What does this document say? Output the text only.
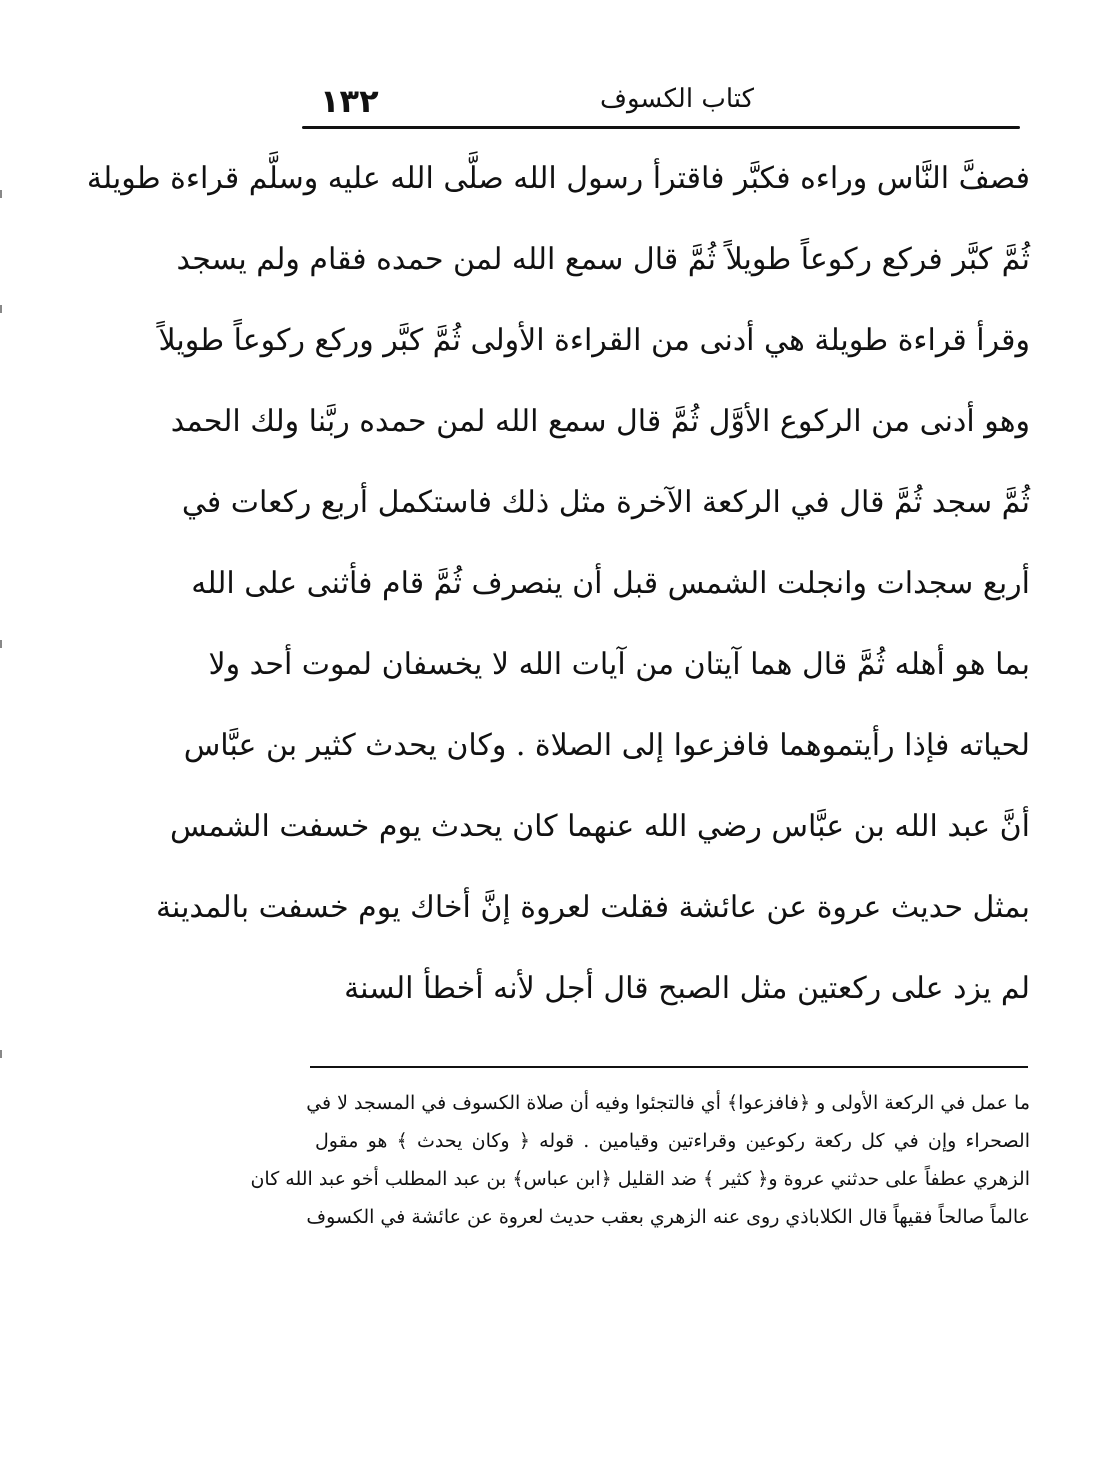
١٣٢	كتاب الكسوف
فصفَّ النَّاس وراءه فكبَّر فاقترأ رسول الله صلَّى الله عليه وسلَّم قراءة طويلة
ثُمَّ كبَّر فركع ركوعاً طويلاً ثُمَّ قال سمع الله لمن حمده فقام ولم يسجد
وقرأ قراءة طويلة هي أدنى من القراءة الأولى ثُمَّ كبَّر وركع ركوعاً طويلاً
وهو أدنى من الركوع الأوَّل ثُمَّ قال سمع الله لمن حمده ربَّنا ولك الحمد
ثُمَّ سجد ثُمَّ قال في الركعة الآخرة مثل ذلك فاستكمل أربع ركعات في
أربع سجدات وانجلت الشمس قبل أن ينصرف ثُمَّ قام فأثنى على الله
بما هو أهله ثُمَّ قال هما آيتان من آيات الله لا يخسفان لموت أحد ولا
لحياته فإذا رأيتموهما فافزعوا إلى الصلاة . وكان يحدث كثير بن عبَّاس
أنَّ عبد الله بن عبَّاس رضي الله عنهما كان يحدث يوم خسفت الشمس
بمثل حديث عروة عن عائشة فقلت لعروة إنَّ أخاك يوم خسفت بالمدينة
لم يزد على ركعتين مثل الصبح قال أجل لأنه أخطأ السنة
ما عمل في الركعة الأولى و ﴿فافزعوا﴾ أي فالتجئوا وفيه أن صلاة الكسوف في المسجد لا في
الصحراء وإن في كل ركعة ركوعين وقراءتين وقيامين . قوله ﴿ وكان يحدث ﴾ هو مقول
الزهري عطفاً على حدثني عروة و﴿ كثير ﴾ ضد القليل ﴿ابن عباس﴾ بن عبد المطلب أخو عبد الله كان
عالماً صالحاً فقيهاً قال الكلاباذي روى عنه الزهري بعقب حديث لعروة عن عائشة في الكسوف
